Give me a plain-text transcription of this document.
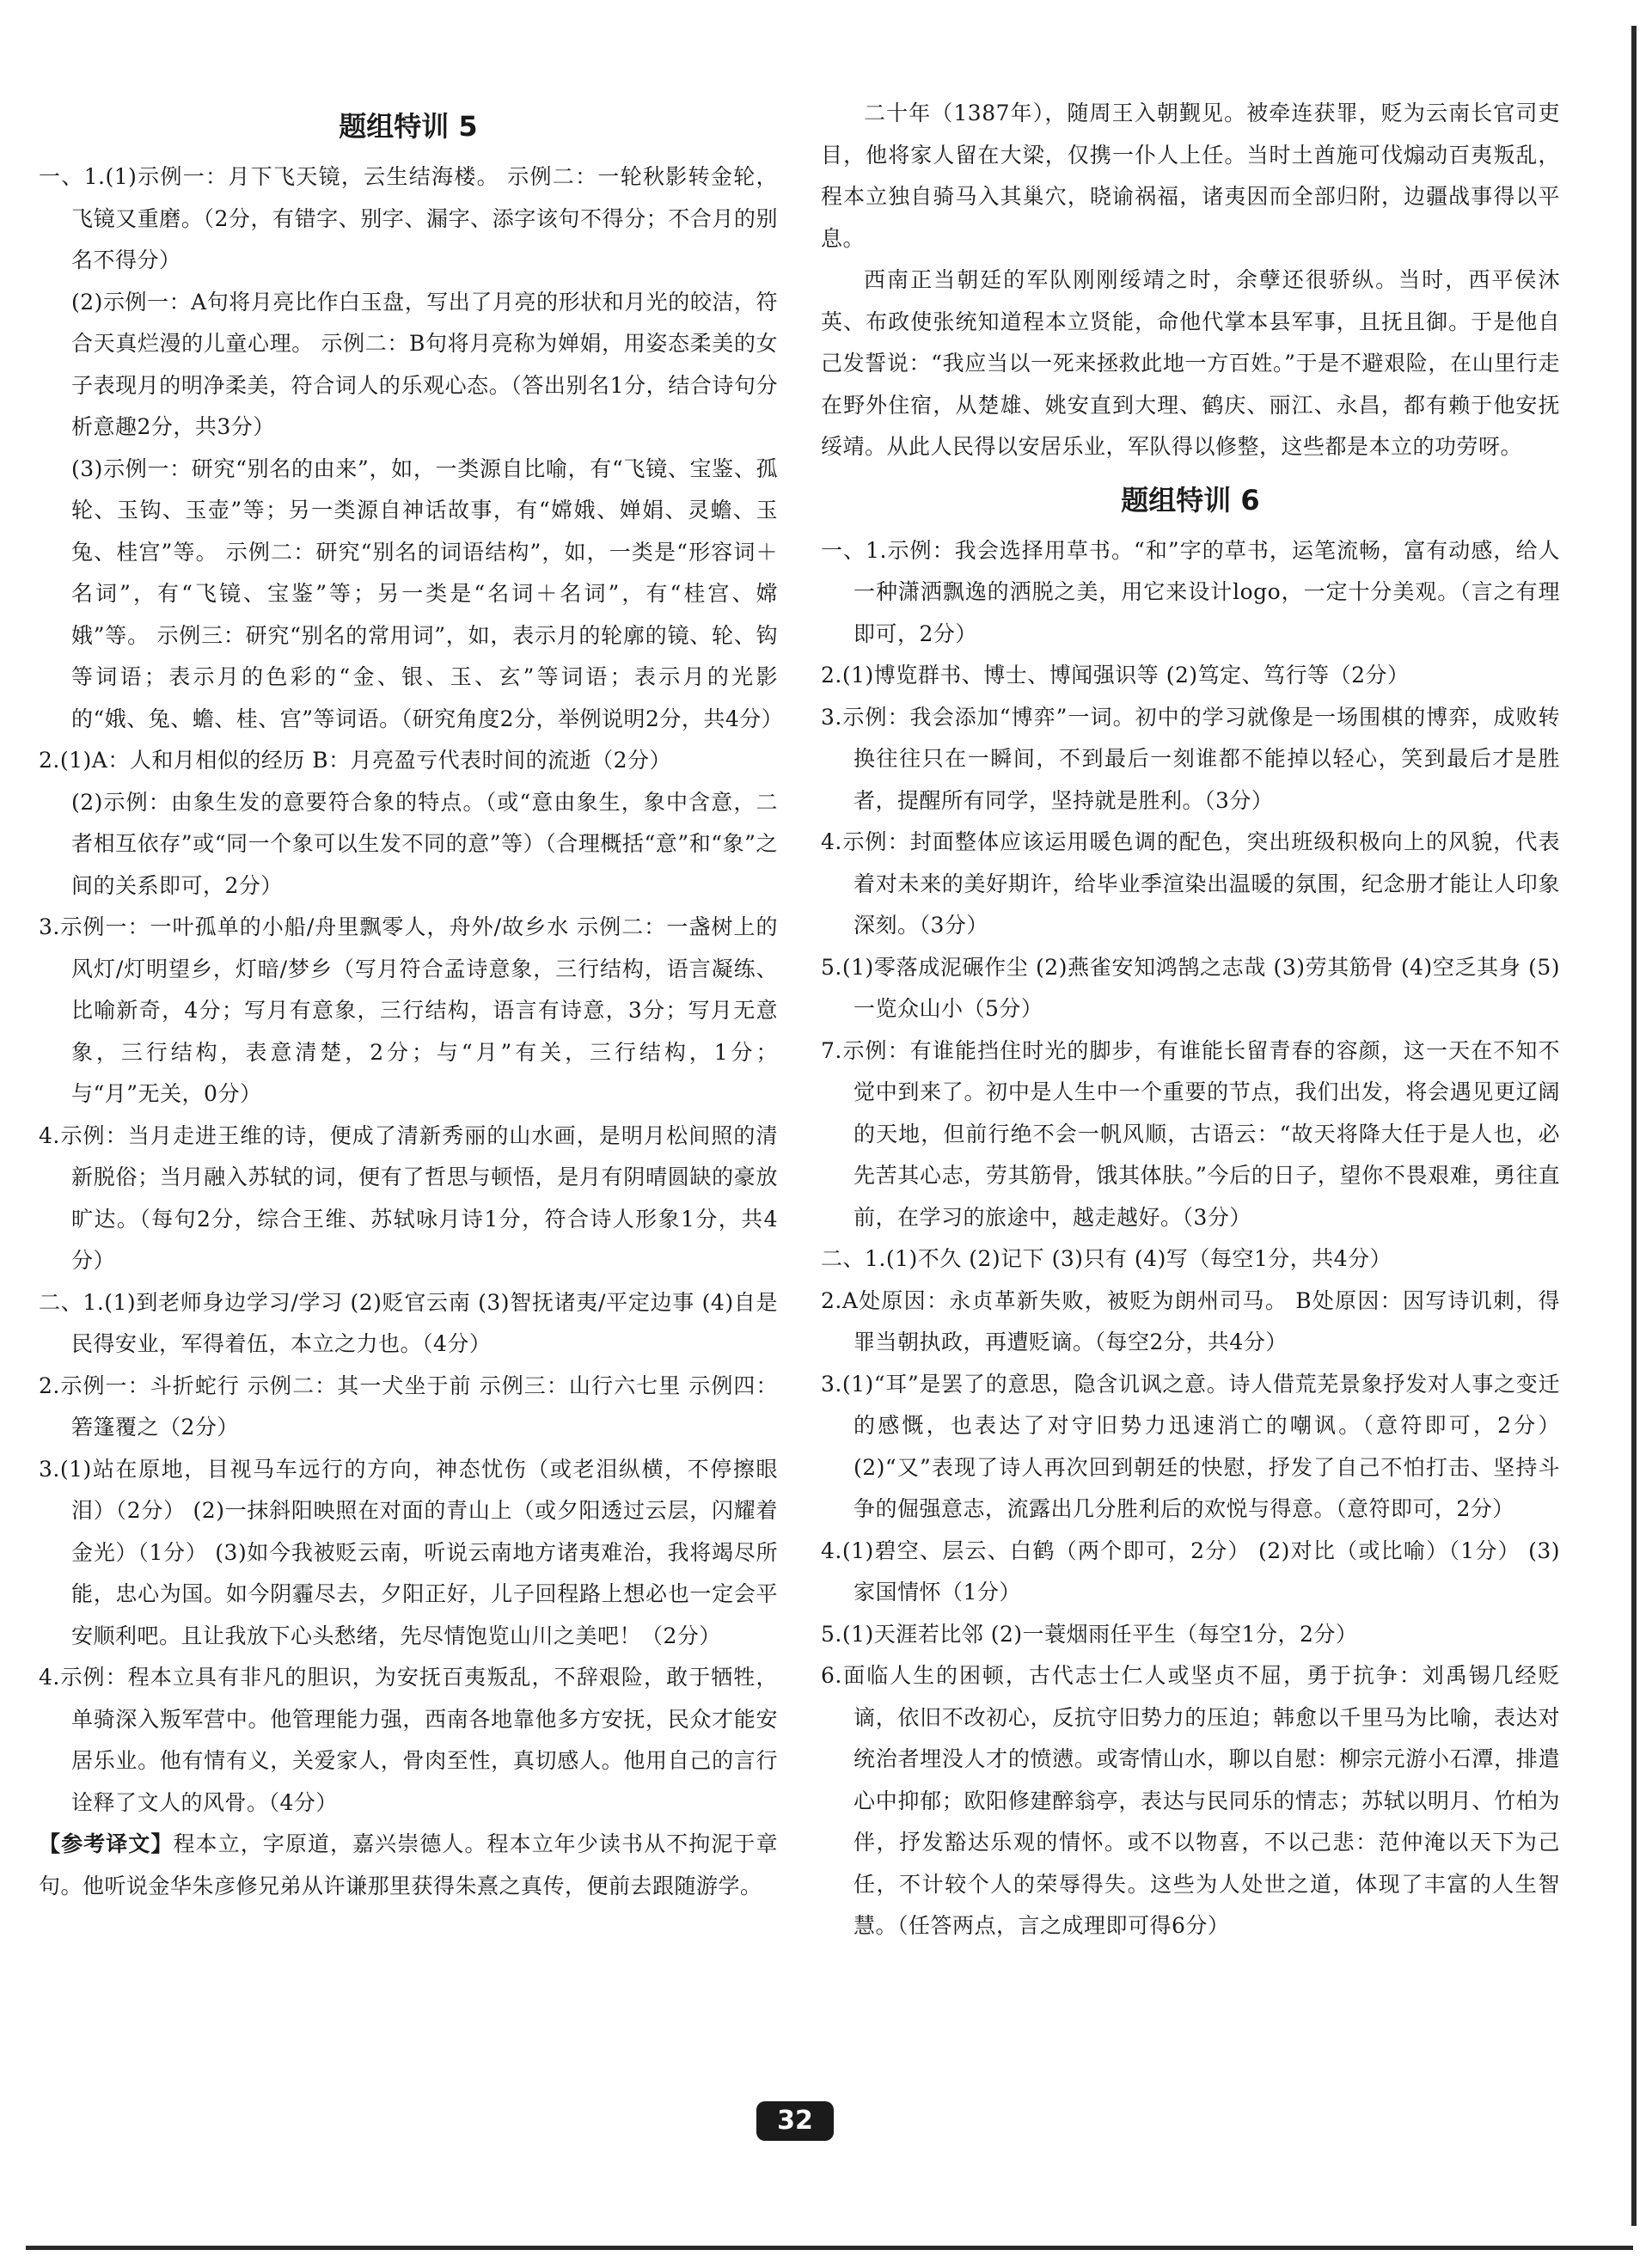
题组特训 5

一、1.(1)示例一：月下飞天镜，云生结海楼。 示例二：一轮秋影转金轮，飞镜又重磨。（2分，有错字、别字、漏字、添字该句不得分；不合月的别名不得分）

(2)示例一：A句将月亮比作白玉盘，写出了月亮的形状和月光的皎洁，符合天真烂漫的儿童心理。 示例二：B句将月亮称为婵娟，用姿态柔美的女子表现月的明净柔美，符合词人的乐观心态。（答出别名1分，结合诗句分析意趣2分，共3分）

(3)示例一：研究“别名的由来”，如，一类源自比喻，有“飞镜、宝鉴、孤轮、玉钩、玉壶”等；另一类源自神话故事，有“嫦娥、婵娟、灵蟾、玉兔、桂宫”等。 示例二：研究“别名的词语结构”，如，一类是“形容词＋名词”，有“飞镜、宝鉴”等；另一类是“名词＋名词”，有“桂宫、嫦娥”等。 示例三：研究“别名的常用词”，如，表示月的轮廓的镜、轮、钩等词语；表示月的色彩的“金、银、玉、玄”等词语；表示月的光影的“娥、兔、蟾、桂、宫”等词语。（研究角度2分，举例说明2分，共4分）

2.(1)A：人和月相似的经历 B：月亮盈亏代表时间的流逝（2分）

(2)示例：由象生发的意要符合象的特点。（或“意由象生，象中含意，二者相互依存”或“同一个象可以生发不同的意”等）（合理概括“意”和“象”之间的关系即可，2分）

3.示例一：一叶孤单的小船/舟里飘零人，舟外/故乡水 示例二：一盏树上的风灯/灯明望乡，灯暗/梦乡（写月符合孟诗意象，三行结构，语言凝练、比喻新奇，4分；写月有意象，三行结构，语言有诗意，3分；写月无意象，三行结构，表意清楚，2分；与“月”有关，三行结构，1分；与“月”无关，0分）

4.示例：当月走进王维的诗，便成了清新秀丽的山水画，是明月松间照的清新脱俗；当月融入苏轼的词，便有了哲思与顿悟，是月有阴晴圆缺的豪放旷达。（每句2分，综合王维、苏轼咏月诗1分，符合诗人形象1分，共4分）

二、1.(1)到老师身边学习/学习 (2)贬官云南 (3)智抚诸夷/平定边事 (4)自是民得安业，军得着伍，本立之力也。（4分）

2.示例一：斗折蛇行 示例二：其一犬坐于前 示例三：山行六七里 示例四：箬篷覆之（2分）

3.(1)站在原地，目视马车远行的方向，神态忧伤（或老泪纵横，不停擦眼泪）（2分） (2)一抹斜阳映照在对面的青山上（或夕阳透过云层，闪耀着金光）（1分） (3)如今我被贬云南，听说云南地方诸夷难治，我将竭尽所能，忠心为国。如今阴霾尽去，夕阳正好，儿子回程路上想必也一定会平安顺利吧。且让我放下心头愁绪，先尽情饱览山川之美吧！（2分）

4.示例：程本立具有非凡的胆识，为安抚百夷叛乱，不辞艰险，敢于牺牲，单骑深入叛军营中。他管理能力强，西南各地靠他多方安抚，民众才能安居乐业。他有情有义，关爱家人，骨肉至性，真切感人。他用自己的言行诠释了文人的风骨。（4分）

【参考译文】程本立，字原道，嘉兴崇德人。程本立年少读书从不拘泥于章句。他听说金华朱彦修兄弟从许谦那里获得朱熹之真传，便前去跟随游学。

二十年（1387年），随周王入朝觐见。被牵连获罪，贬为云南长官司吏目，他将家人留在大梁，仅携一仆人上任。当时土酋施可伐煽动百夷叛乱，程本立独自骑马入其巢穴，晓谕祸福，诸夷因而全部归附，边疆战事得以平息。

西南正当朝廷的军队刚刚绥靖之时，余孽还很骄纵。当时，西平侯沐英、布政使张统知道程本立贤能，命他代掌本县军事，且抚且御。于是他自己发誓说：“我应当以一死来拯救此地一方百姓。”于是不避艰险，在山里行走在野外住宿，从楚雄、姚安直到大理、鹤庆、丽江、永昌，都有赖于他安抚绥靖。从此人民得以安居乐业，军队得以修整，这些都是本立的功劳呀。

题组特训 6

一、1.示例：我会选择用草书。“和”字的草书，运笔流畅，富有动感，给人一种潇洒飘逸的洒脱之美，用它来设计logo，一定十分美观。（言之有理即可，2分）

2.(1)博览群书、博士、博闻强识等 (2)笃定、笃行等（2分）

3.示例：我会添加“博弈”一词。初中的学习就像是一场围棋的博弈，成败转换往往只在一瞬间，不到最后一刻谁都不能掉以轻心，笑到最后才是胜者，提醒所有同学，坚持就是胜利。（3分）

4.示例：封面整体应该运用暖色调的配色，突出班级积极向上的风貌，代表着对未来的美好期许，给毕业季渲染出温暖的氛围，纪念册才能让人印象深刻。（3分）

5.(1)零落成泥碾作尘 (2)燕雀安知鸿鹄之志哉 (3)劳其筋骨 (4)空乏其身 (5)一览众山小（5分）

7.示例：有谁能挡住时光的脚步，有谁能长留青春的容颜，这一天在不知不觉中到来了。初中是人生中一个重要的节点，我们出发，将会遇见更辽阔的天地，但前行绝不会一帆风顺，古语云：“故天将降大任于是人也，必先苦其心志，劳其筋骨，饿其体肤。”今后的日子，望你不畏艰难，勇往直前，在学习的旅途中，越走越好。（3分）

二、1.(1)不久 (2)记下 (3)只有 (4)写（每空1分，共4分）

2.A处原因：永贞革新失败，被贬为朗州司马。 B处原因：因写诗讥刺，得罪当朝执政，再遭贬谪。（每空2分，共4分）

3.(1)“耳”是罢了的意思，隐含讥讽之意。诗人借荒芜景象抒发对人事之变迁的感慨，也表达了对守旧势力迅速消亡的嘲讽。（意符即可，2分） (2)“又”表现了诗人再次回到朝廷的快慰，抒发了自己不怕打击、坚持斗争的倔强意志，流露出几分胜利后的欢悦与得意。（意符即可，2分）

4.(1)碧空、层云、白鹤（两个即可，2分） (2)对比（或比喻）（1分） (3)家国情怀（1分）

5.(1)天涯若比邻 (2)一蓑烟雨任平生（每空1分，2分）

6.面临人生的困顿，古代志士仁人或坚贞不屈，勇于抗争：刘禹锡几经贬谪，依旧不改初心，反抗守旧势力的压迫；韩愈以千里马为比喻，表达对统治者埋没人才的愤懑。或寄情山水，聊以自慰：柳宗元游小石潭，排遣心中抑郁；欧阳修建醉翁亭，表达与民同乐的情志；苏轼以明月、竹柏为伴，抒发豁达乐观的情怀。或不以物喜，不以己悲：范仲淹以天下为己任，不计较个人的荣辱得失。这些为人处世之道，体现了丰富的人生智慧。（任答两点，言之成理即可得6分）

32
